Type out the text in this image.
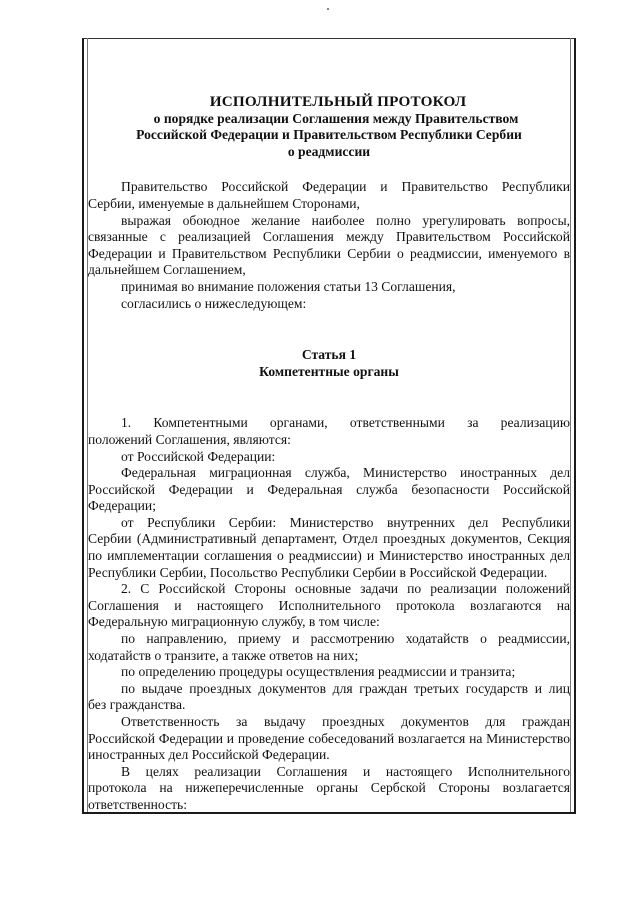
ИСПОЛНИТЕЛЬНЫЙ ПРОТОКОЛ
о порядке реализации Соглашения между Правительством
Российской Федерации и Правительством Республики Сербии
о реадмиссии
Правительство Российской Федерации и Правительство Республики
Сербии, именуемые в дальнейшем Сторонами,
выражая обоюдное желание наиболее полно урегулировать вопросы,
связанные с реализацией Соглашения между Правительством Российской Федерации и Правительством Республики Сербии о реадмиссии, именуемого в дальнейшем Соглашением,
принимая во внимание положения статьи 13 Соглашения,
согласились о нижеследующем:
Статья 1
Компетентные органы
1. Компетентными органами, ответственными за реализацию
положений Соглашения, являются:
от Российской Федерации:
Федеральная миграционная служба, Министерство иностранных дел
Российской Федерации и Федеральная служба безопасности Российской Федерации;
от Республики Сербии: Министерство внутренних дел Республики
Сербии (Административный департамент, Отдел проездных документов, Секция по имплементации соглашения о реадмиссии) и Министерство иностранных дел Республики Сербии, Посольство Республики Сербии в Российской Федерации.
2. С Российской Стороны основные задачи по реализации положений
Соглашения и настоящего Исполнительного протокола возлагаются на Федеральную миграционную службу, в том числе:
по направлению, приему и рассмотрению ходатайств о реадмиссии,
ходатайств о транзите, а также ответов на них;
по определению процедуры осуществления реадмиссии и транзита;
по выдаче проездных документов для граждан третьих государств и лиц
без гражданства.
Ответственность за выдачу проездных документов для граждан
Российской Федерации и проведение собеседований возлагается на Министерство иностранных дел Российской Федерации.
В целях реализации Соглашения и настоящего Исполнительного
протокола на нижеперечисленные органы Сербской Стороны возлагается ответственность:
